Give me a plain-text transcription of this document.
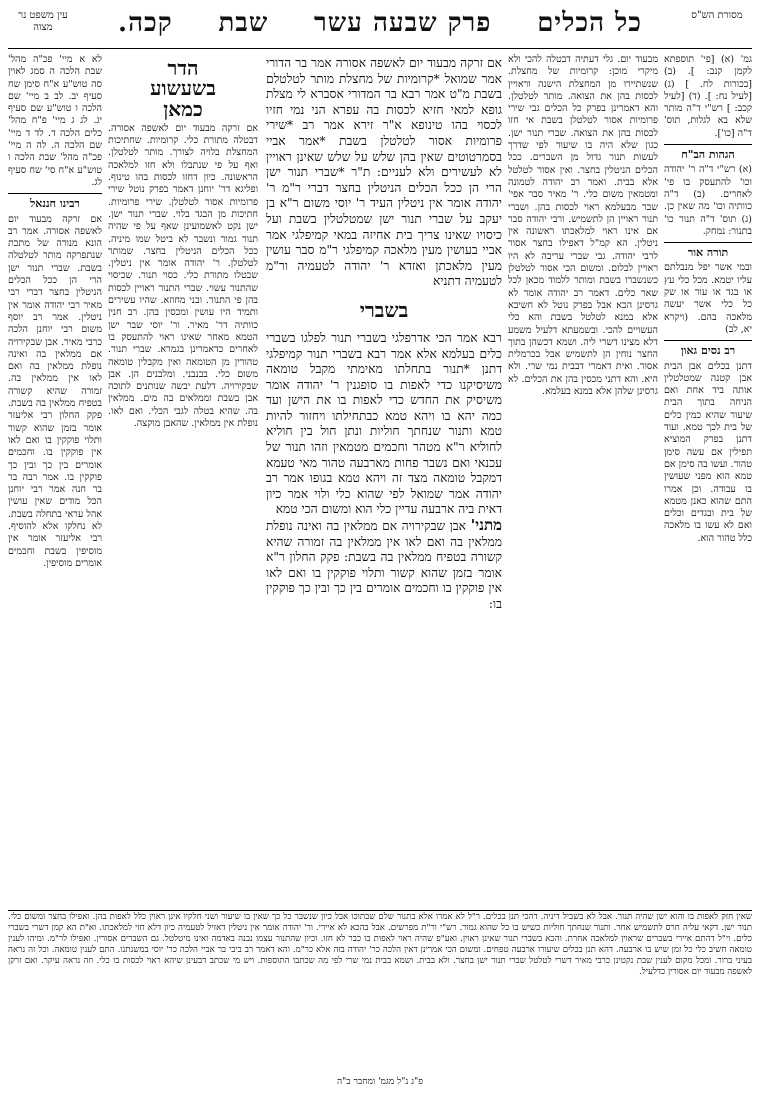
מסורת הש"ס
כל הכלים
פרק שבעה עשר
שבת
קכה.
עין משפט נר מצוה

גמ' (א) [פי' תוספתא לקמן קנב: ]. (ב) [בכורות לח. ] (ג) [לעיל נח: ]. (ד) [לעיל קכב: ] רש"י ד"ה מותר שלא בא לגלות, תוס' ד"ה [כו'].

הגהות הב"ח

(א) רש"י ד"ה ר' יהודה וכו' להתעסק בו פי' לאחרים. (ב) ד"ה כוותיה וכו' מה שאין כן. (ג) תוס' ד"ה תנור כו' בתנור: נמחק.

תורה אור

ובמי אשר יפל מנבלתם עליו יטמא. מכל כלי עץ או בגד או עור או שק כל כלי אשר יעשה מלאכה בהם. (ויקרא יא, לב)

רב נסים גאון

דתנן בכלים אבן הבית אבן קטנה שמטלטלין אותה ביד אחת ואם הניחה בתוך הבית שיעור שהיא כמין כלים של בית לכך טמא. ועוד דתנן בפרק המוציא תפילין אם עשה סימן טהור. ועשו בה סימן אם טמא הוא מפני שעושין בו עבודה. וכן אמרו התם שהוא כאנן מטמא של בית ובגדים וכלים ואם לא עשו בו מלאכה כלל טהור הוא.

מבעוד יום. גלי דעתיה דבטלה להכי ולא מיקרי מוכן: קרומיות של מחצלת. שנשתיירו מן המחצלת הישנה וראויין לכסות בהן את הצואה. מותר לטלטלן. והא דאמרינן בפרק כל הכלים גבי שירי פרומיות אסור לטלטלן בשבת אי חזו לכסות בהן את הצואה. שברי תנור ישן. כגון שלא היה בו שיעור לפי שדרך לעשות תנור גדול מן השברים. ככל הכלים הניטלין בחצר. ואין אסור לטלטל אלא בבית. ואמר רב יהודה לטמונה ומטמאין משום כלי. ר' מאיר סבר אפי' שבר מבעלמא ראוי לכסות בהן. ושברי תנור ראויין הן לתשמיש. ורבי יהודה סבר אם אינו ראוי למלאכתו ראשונה אין ניטלין. הא קמ"ל דאפילו בחצר אסור לרבי יהודה. גבי שברי עריבה לא היו ראויין לכלום. ומשום הכי אסור לטלטלן כשנשברו בשבת ומותר ללמוד מכאן לכל שאר כלים. דאמר רב יהודה אומר לא גרסינן הכא אבל בפרק נוטל לא חשיבא אלא במנא לטלטל בשבת והא כלי העשויים להכי. ובשמעתא דלעיל משמע דלא מצינו דשרי ליה. ושמא דכשהן בתוך החצר נוחין הן לתשמיש אבל בכרמלית אסור. ואית דאמרי דבבית נמי שרי. ולא היא. והא דתני מכסין בהן את הכלים. לא גרסינן שלהן אלא במנא בעלמא.

אם זרקה מבעוד יום לאשפה אסורה אמר בר הדורי אמר שמואל *קרומיות של מחצלת מותר לטלטלם בשבת מ"ט אמר רבא בר המדורי אסברא לי מצלת גופא למאי חזיא לכסות בה עפרא הני נמי חזיו לכסוי בהו טינופא א"ר זירא אמר רב *שירי פרומיות אסור לטלטלן בשבת *אמר אביי בסמרטוטים שאין בהן שלש על שלש שאינן ראויין לא לעשירים ולא לעניים: ת"ר *שברי תנור ישן הרי הן ככל הכלים הניטלין בחצר דברי ר"מ ר' יהודה אומר אין ניטלין העיד ר' יוסי משום ר"א בן יעקב על שברי תנור ישן שמטלטלין בשבת ועל כיסויו שאינו צריך בית אחיזה במאי קמיפלגי אמר אביי בעושין מעין מלאכה קמיפלגי ר"מ סבר עושין מעין מלאכתן ואזדא ר' יהודה לטעמיה ור"מ לטעמיה דתניא

בשברי

רבא אמר הכי אדרפלגי בשברי תנור לפלגו בשברי כלים בעלמא אלא אמר רבא בשברי תנור קמיפלגי דתנן *תנור בתחלתו מאימתי מקבל טומאה משיסיקנו כדי לאפות בו סופגנין ר' יהודה אומר משיסיק את החדש כדי לאפות בו את הישן ועד כמה יהא בו ויהא טמא כבתחילתו ויחזור להיות טמא ותנור שנחתך חוליות ונתן חול בין חוליא לחוליא ר"א מטהר וחכמים מטמאין וזהו תנור של עכנאי ואם נשבר פחות מארבעה טהור מאי טעמא דמקבל טומאה מצד זה ויהא טמא בגופו אמר רב יהודה אמר שמואל לפי שהוא כלי ולוי אמר כיון דאית ביה ארבעה עדיין כלי הוא ומשום הכי טמא

מתני' אבן שבקירויה אם ממלאין בה ואינה נופלת ממלאין בה ואם לאו אין ממלאין בה זמורה שהיא קשורה בטפיח ממלאין בה בשבת: פקק החלון ר"א אומר בזמן שהוא קשור ותלוי פוקקין בו ואם לאו אין פוקקין בו וחכמים אומרים בין כך ובין כך פוקקין בו:

הדר
בשעשוע
כמאן

אם זרקה מבעוד יום לאשפה אסורה. דבטלה מתורת כלי. קרומיות. שחתיכות המחצלת בלויה לצורך. מותר לטלטלן. ואף על פי שנתבלו ולא חזו למלאכה הראשונה. כיון דחזו לכסות בהו טינוף. ופליגא דר' יוחנן דאמר בפרק נוטל שירי פרומיות אסור לטלטלן. שירי פרומיות. חתיכות מן הבגד בלוי. שברי תנור ישן. ישן נקט לאשמועינן שאף על פי שהיה תנור גמור ונשבר לא ביטל שמו מיניה. ככל הכלים הניטלין בחצר. שמותר לטלטלן. ר' יהודה אומר אין ניטלין. שבטלו מתורת כלי. כסוי תנור. שכיסוי שהתנור עשוי. שברי התנור ראויין לכסות בהן פי התנור. ובני מחוזא. שהיו עשירים ותמיד היו עושין ומכסין בהן. רב חנין כוותיה דר' מאיר. ור' יוסי שבר ישן הטמא מאחר שאינו ראוי להתעסק בו לאחרים כדאמרינן בגמרא. שברי תנור. טהורין מן הטומאה ואין מקבלין טומאה משום כלי. בבנבני. ומלבנים הן. אבן שבקירויה. דלעת יבשה שנותנים לתוכה אבן בשבת וממלאים בה מים. ממלאין בה. שהיא בטלה לגבי הכלי. ואם לאו. נופלת אין ממלאין. שהאבן מוקצה.

לא א מיי' פכ"ה מהל' שבת הלכה ה סמג לאוין סה טוש"ע א"ח סימן שח סעיף יב. לב ב מיי' שם הלכה ו טוש"ע שם סעיף יג. לג ג מיי' פ"ח מהל' כלים הלכה ד. לד ד מיי' שם הלכה ה. לה ה מיי' פכ"ה מהל' שבת הלכה ו טוש"ע א"ח סי' שח סעיף לג.

רבינו חננאל

אם זרקה מבעוד יום לאשפה אסורה. אמר רב הונא מנורה של מתכת שנתפרקה מותר לטלטלה בשבת. שברי תנור ישן הרי הן ככל הכלים הניטלין בחצר דברי רבי מאיר רבי יהודה אומר אין ניטלין. אמר רב יוסף משום רבי יוחנן הלכה כרבי מאיר. אבן שבקירויה אם ממלאין בה ואינה נופלת ממלאין בה ואם לאו אין ממלאין בה. זמורה שהיא קשורה בטפיח ממלאין בה בשבת. פקק החלון רבי אליעזר אומר בזמן שהוא קשור ותלוי פוקקין בו ואם לאו אין פוקקין בו. וחכמים אומרים בין כך ובין כך פוקקין בו. אמר רבה בר בר חנה אמר רבי יוחנן הכל מודים שאין עושין אהל עראי בתחלה בשבת. לא נחלקו אלא להוסיף. רבי אליעזר אומר אין מוסיפין בשבת וחכמים אומרים מוסיפין.

שאין חזק לאפות בו והוא ישן שהיה תנור. אבל לא בשביל דיניה. דהכי תנן בכלים. ר"ל לא אמרו אלא בתנור שלם שבתוכו אבל כיון שנשבר כל כך שאין בו שיעור ושני חלקיו אינן ראוין כלל לאפות בהן. ואפילו בחצר ומשום כלי. תנור ישן. דקאי עליה חרס לתשמיש אחר. ותנור שנחתך חוליות כשיש בו כל שהוא גמור. רש"י ור"ת מפרשים. אבל בהכא לא איירי. ור' יהודה אומר אין ניטלין דאזיל לטעמיה כיון דלא חזי למלאכתו. וא"ת הא קמן דשרי בשברי כלים. וי"ל דהתם איירי בשברים שראוין למלאכה אחרת. והכא בשברי תנור שאינן ראוין. ואע"פ שהיה ראוי לאפות בו כבר לא חזו. וכיון שהתנור עצמו נבנה באדמה ואינו מיטלטל. גם השברים אסורין. ואפילו לר"מ. ומיהו לענין טומאה חשיב כלי כל זמן שיש בו ארבעה. דהא תנן בכלים שיעורו ארבעה טפחים. ומשום הכי אמרינן דאין הלכה כר' יהודה בזה אלא כר"מ. והא דאמר רב ביבי בר אביי הלכה כר' יוסי במשנתנו. התם לענין טומאה. וכל זה נראה בעיני ברור. ומכל מקום לענין שבת נקטינן כרבי מאיר דשרי לטלטל שברי תנור ישן בחצר. ולא בבית. ושמא בבית נמי שרי לפי מה שכתבו התוספות. ויש מי שכתב דבעינן שיהא ראוי לכסות בו כלי. וזה נראה עיקר. ואם זרקן לאשפה מבעוד יום אסורין כדלעיל.

פ"ג נ"ל מגמ' ומחבר ב"ה
